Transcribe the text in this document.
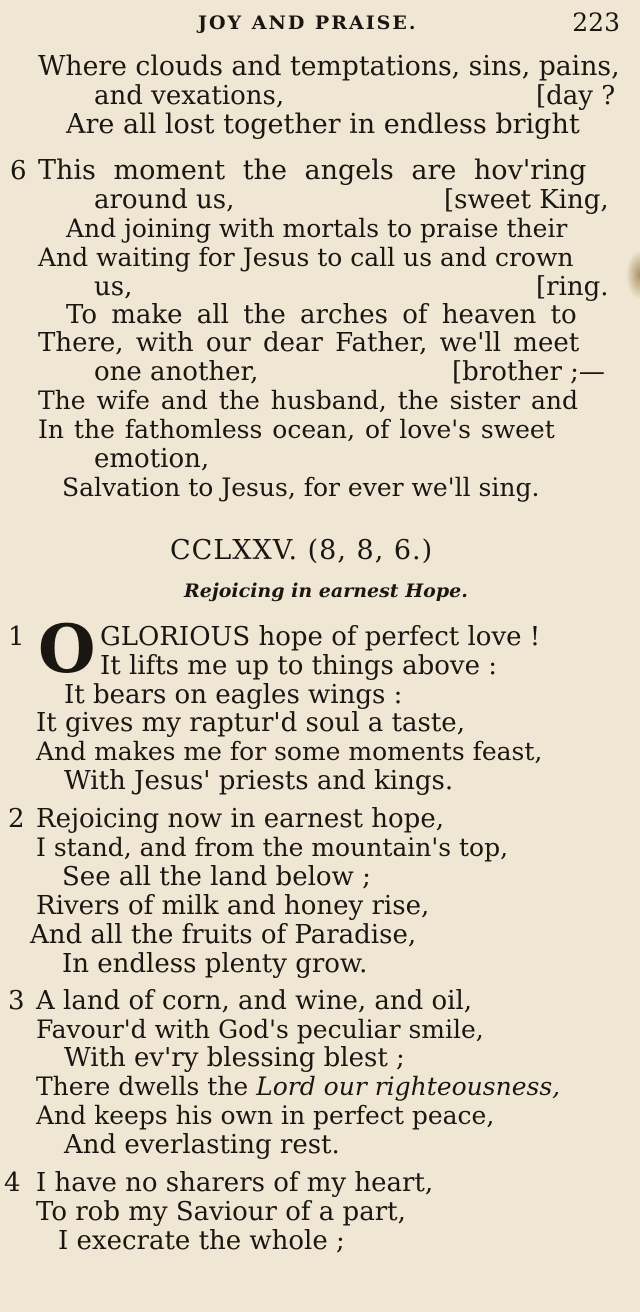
JOY AND PRAISE.	223
Where clouds and temptations, sins, pains,
and vexations,	[day ?
Are all lost together in endless bright
6 This moment the angels are hov'ring
around us,	[sweet King,
And joining with mortals to praise their
And waiting for Jesus to call us and crown
us,	[ring.
To make all the arches of heaven to
There, with our dear Father, we'll meet
one another,	[brother ;—
The wife and the husband, the sister and
In the fathomless ocean, of love's sweet
emotion,
Salvation to Jesus, for ever we'll sing.
CCLXXV. (8, 8, 6.)
Rejoicing in earnest Hope.
1 O GLORIOUS hope of perfect love !
It lifts me up to things above :
It bears on eagles wings :
It gives my raptur'd soul a taste,
And makes me for some moments feast,
With Jesus' priests and kings.
2 Rejoicing now in earnest hope,
I stand, and from the mountain's top,
See all the land below ;
Rivers of milk and honey rise,
And all the fruits of Paradise,
In endless plenty grow.
3 A land of corn, and wine, and oil,
Favour'd with God's peculiar smile,
With ev'ry blessing blest ;
There dwells the Lord our righteousness,
And keeps his own in perfect peace,
And everlasting rest.
4 I have no sharers of my heart,
To rob my Saviour of a part,
I execrate the whole ;
